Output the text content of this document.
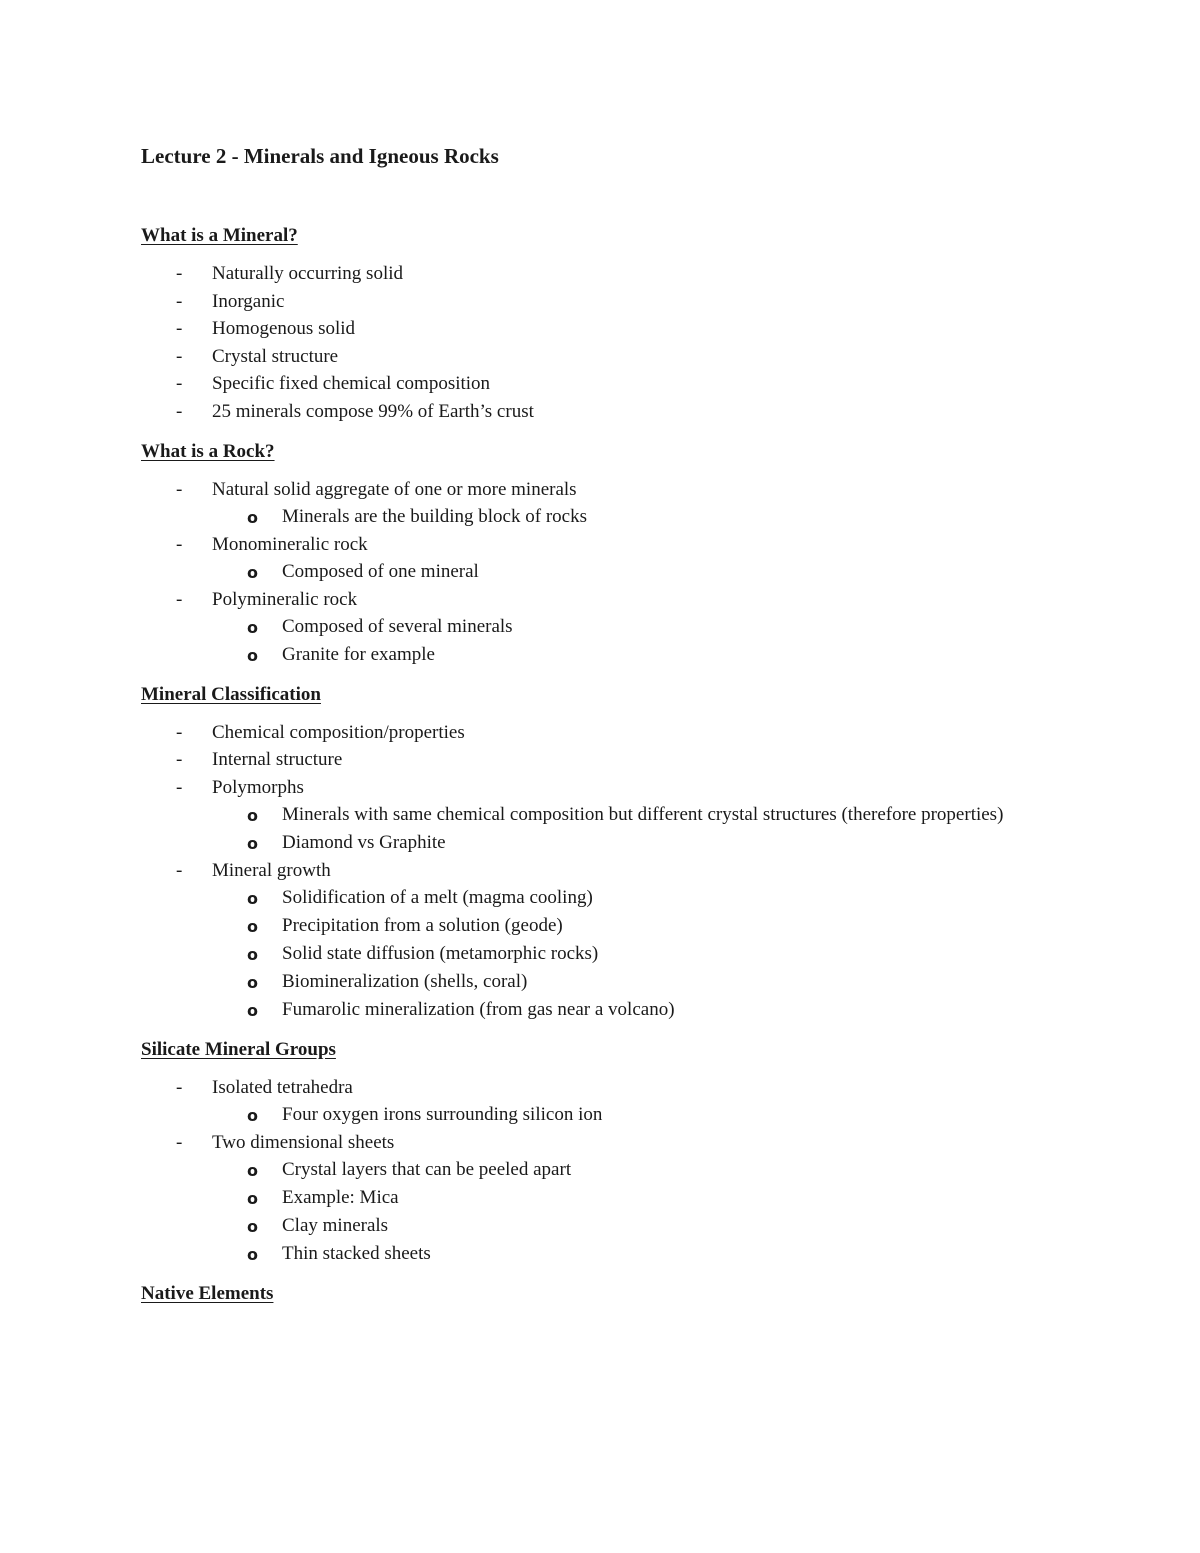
Lecture 2 - Minerals and Igneous Rocks
What is a Mineral?
- Naturally occurring solid
- Inorganic
- Homogenous solid
- Crystal structure
- Specific fixed chemical composition
- 25 minerals compose 99% of Earth’s crust
What is a Rock?
- Natural solid aggregate of one or more minerals
o Minerals are the building block of rocks
- Monomineralic rock
o Composed of one mineral
- Polymineralic rock
o Composed of several minerals
o Granite for example
Mineral Classification
- Chemical composition/properties
- Internal structure
- Polymorphs
o Minerals with same chemical composition but different crystal structures (therefore properties)
o Diamond vs Graphite
- Mineral growth
o Solidification of a melt (magma cooling)
o Precipitation from a solution (geode)
o Solid state diffusion (metamorphic rocks)
o Biomineralization (shells, coral)
o Fumarolic mineralization (from gas near a volcano)
Silicate Mineral Groups
- Isolated tetrahedra
o Four oxygen irons surrounding silicon ion
- Two dimensional sheets
o Crystal layers that can be peeled apart
o Example: Mica
o Clay minerals
o Thin stacked sheets
Native Elements
